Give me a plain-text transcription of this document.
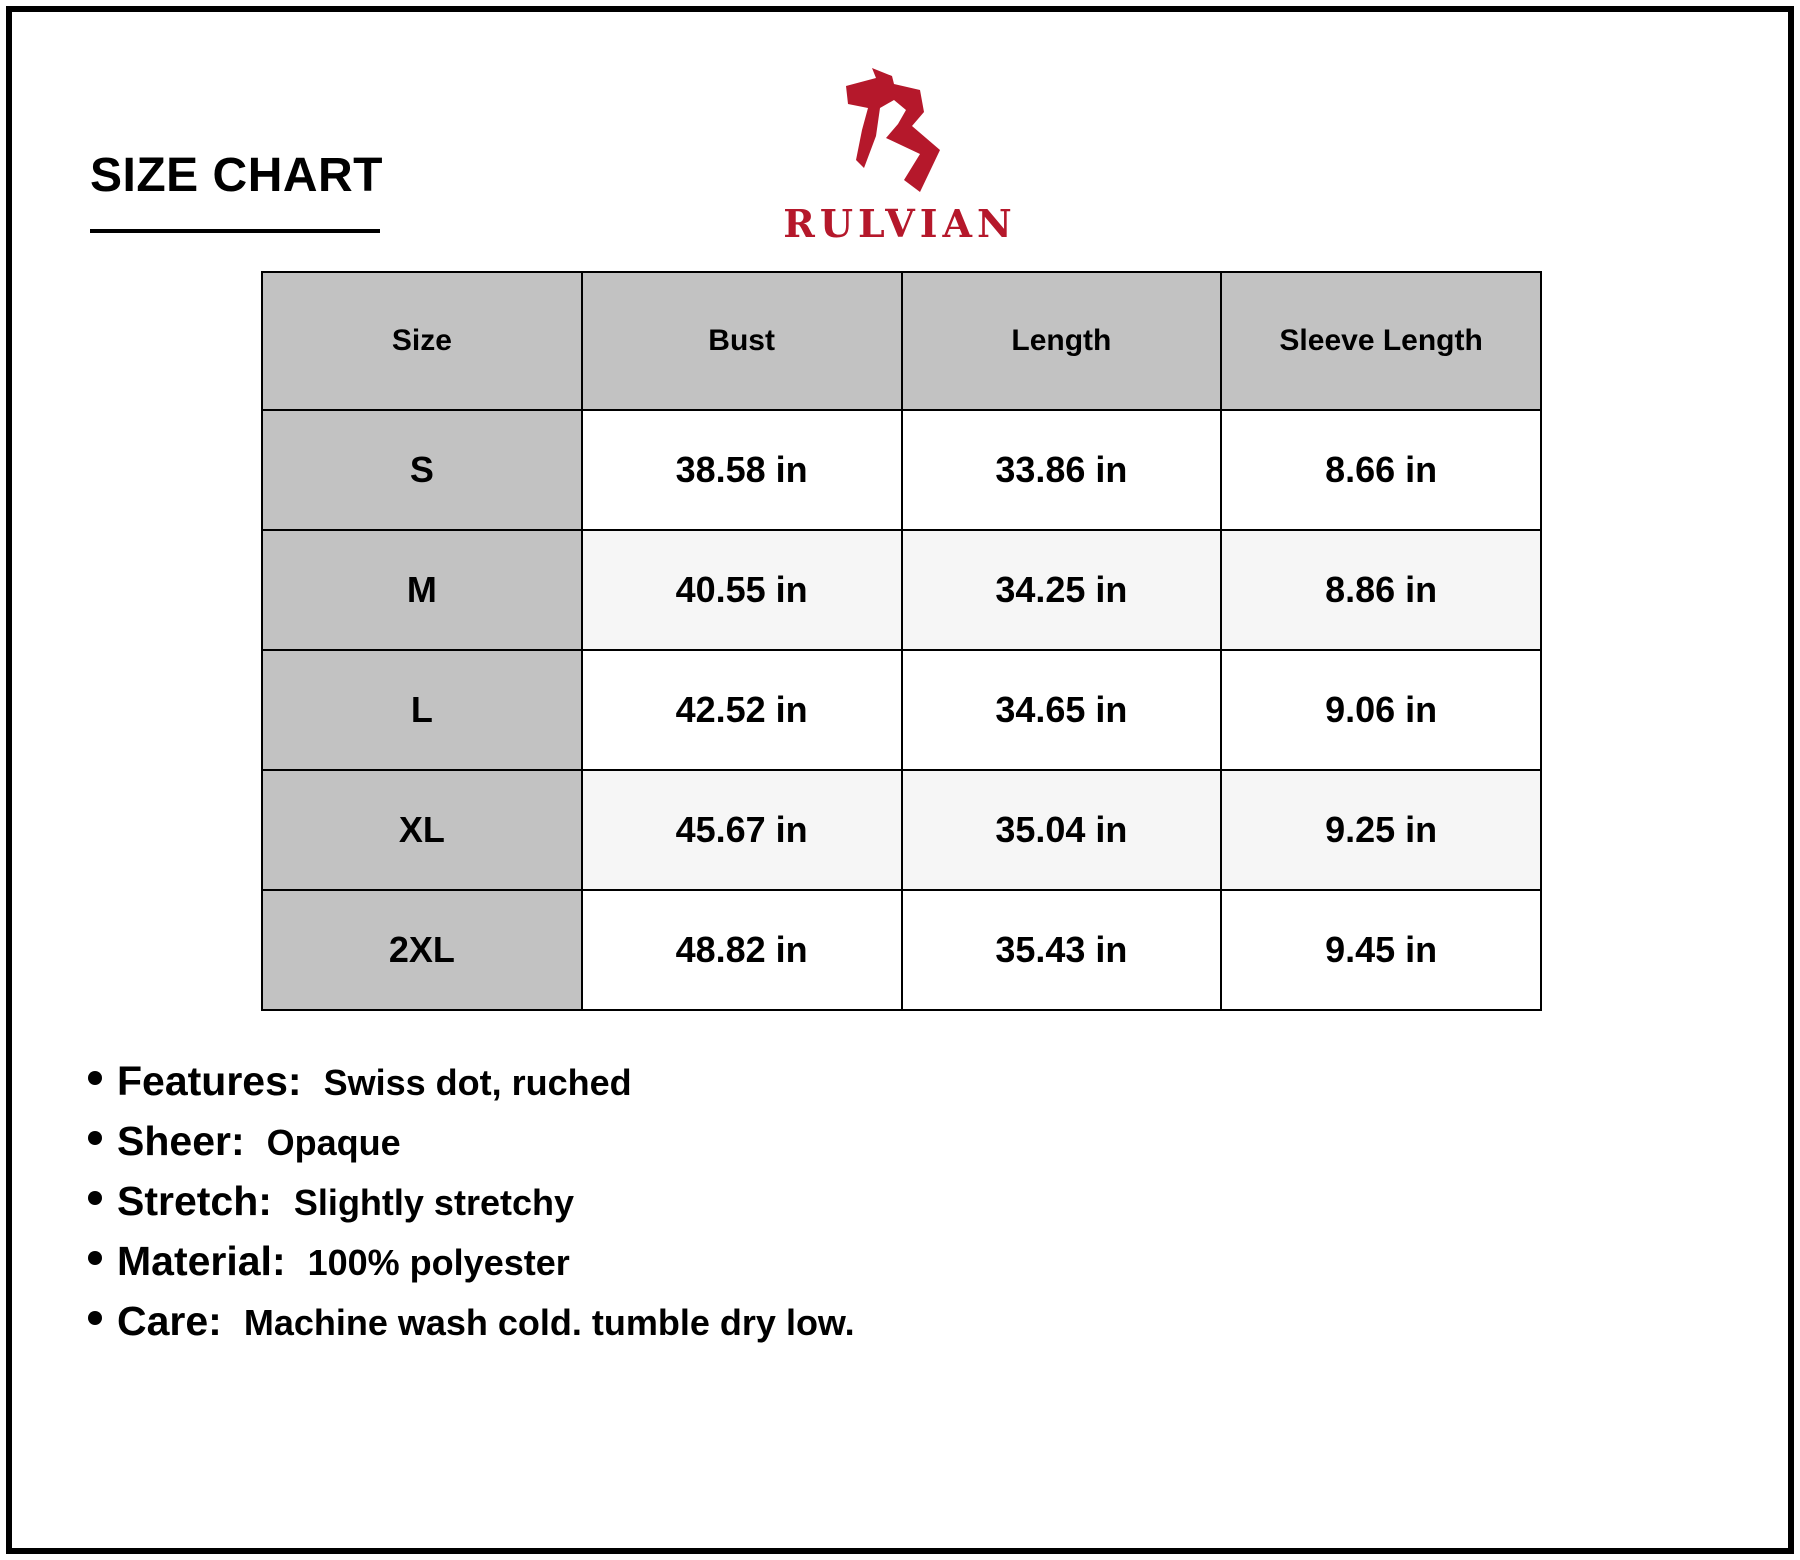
SIZE CHART
RULVIAN
Size	Bust	Length	Sleeve Length
S	38.58 in	33.86 in	8.66 in
M	40.55 in	34.25 in	8.86 in
L	42.52 in	34.65 in	9.06 in
XL	45.67 in	35.04 in	9.25 in
2XL	48.82 in	35.43 in	9.45 in
Features: Swiss dot, ruched
Sheer: Opaque
Stretch: Slightly stretchy
Material: 100% polyester
Care: Machine wash cold. tumble dry low.
